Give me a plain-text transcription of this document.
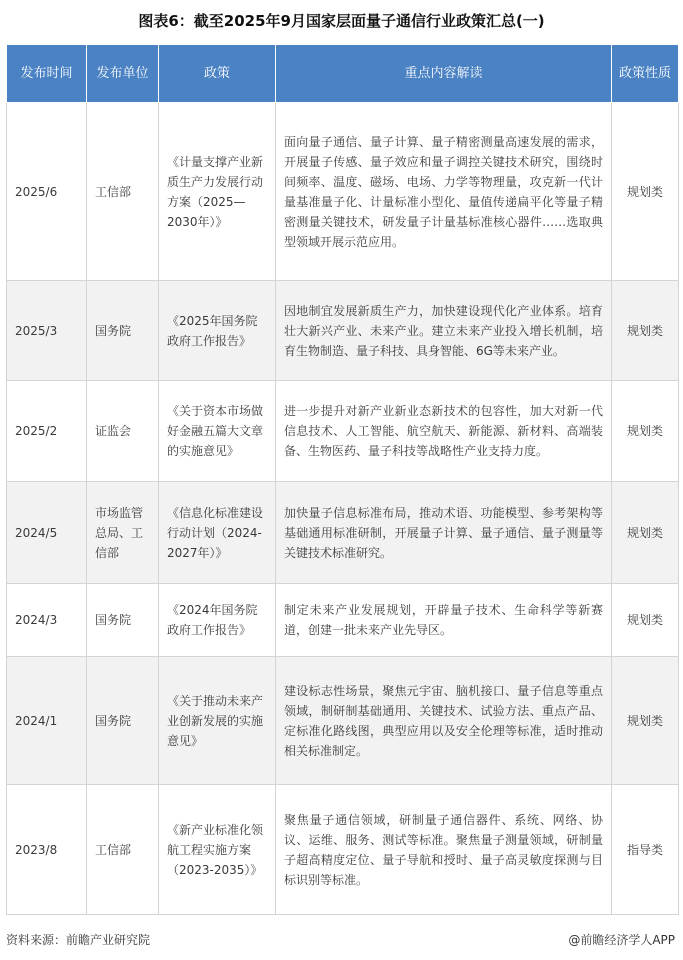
图表6：截至2025年9月国家层面量子通信行业政策汇总(一)
发布时间	发布单位	政策	重点内容解读	政策性质
2025/6	工信部	《计量支撑产业新质生产力发展行动方案（2025—2030年）》	面向量子通信、量子计算、量子精密测量高速发展的需求，开展量子传感、量子效应和量子调控关键技术研究，围绕时间频率、温度、磁场、电场、力学等物理量，攻克新一代计量基准量子化、计量标准小型化、量值传递扁平化等量子精密测量关键技术，研发量子计量基标准核心器件……选取典型领域开展示范应用。	规划类
2025/3	国务院	《2025年国务院政府工作报告》	因地制宜发展新质生产力，加快建设现代化产业体系。培育壮大新兴产业、未来产业。建立未来产业投入增长机制，培育生物制造、量子科技、具身智能、6G等未来产业。	规划类
2025/2	证监会	《关于资本市场做好金融五篇大文章的实施意见》	进一步提升对新产业新业态新技术的包容性，加大对新一代信息技术、人工智能、航空航天、新能源、新材料、高端装备、生物医药、量子科技等战略性产业支持力度。	规划类
2024/5	市场监管总局、工信部	《信息化标准建设行动计划（2024-2027年）》	加快量子信息标准布局，推动术语、功能模型、参考架构等基础通用标准研制，开展量子计算、量子通信、量子测量等关键技术标准研究。	规划类
2024/3	国务院	《2024年国务院政府工作报告》	制定未来产业发展规划，开辟量子技术、生命科学等新赛道，创建一批未来产业先导区。	规划类
2024/1	国务院	《关于推动未来产业创新发展的实施意见》	建设标志性场景，聚焦元宇宙、脑机接口、量子信息等重点领域，制研制基础通用、关键技术、试验方法、重点产品、定标准化路线图，典型应用以及安全伦理等标准，适时推动相关标准制定。	规划类
2023/8	工信部	《新产业标准化领航工程实施方案（2023-2035）》	聚焦量子通信领域，研制量子通信器件、系统、网络、协议、运维、服务、测试等标准。聚焦量子测量领域，研制量子超高精度定位、量子导航和授时、量子高灵敏度探测与目标识别等标准。	指导类
资料来源：前瞻产业研究院	@前瞻经济学人APP
